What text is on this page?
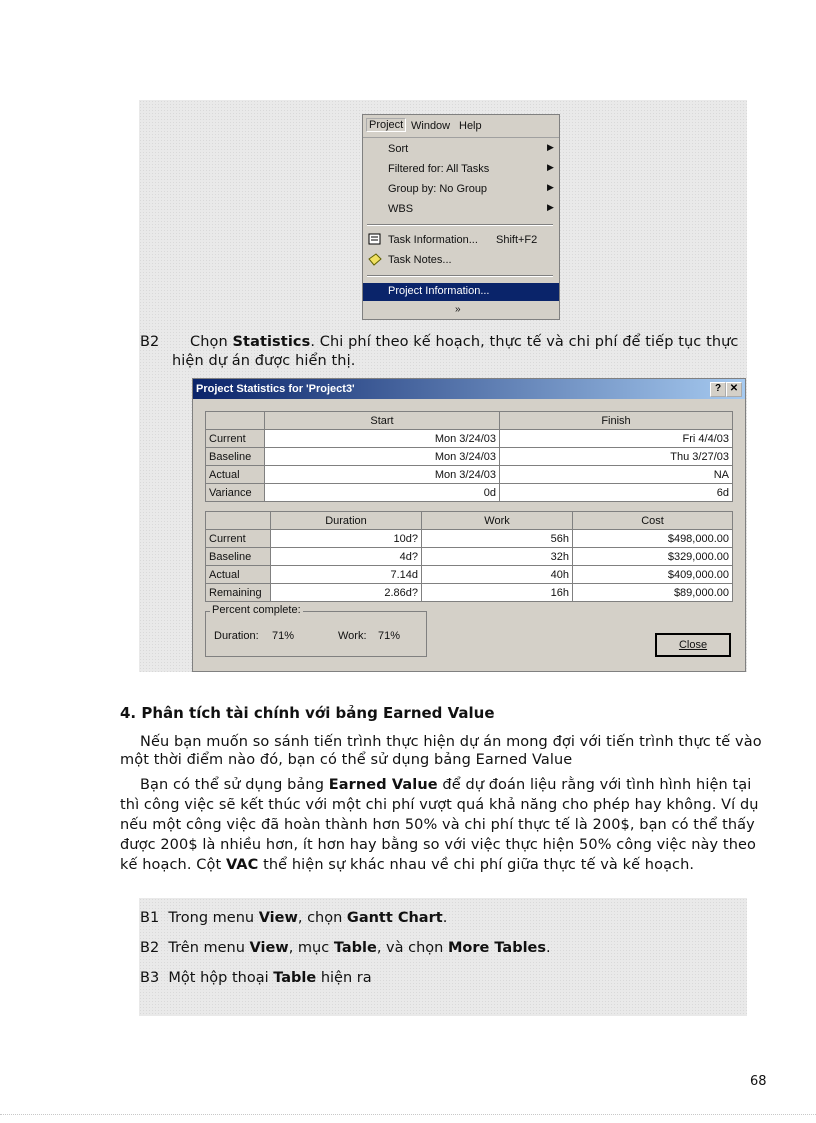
Project Window Help
Sort	▶
Filtered for: All Tasks	▶
Group by: No Group	▶
WBS	▶
Task Information... Shift+F2
Task Notes...
Project Information...
»
B2 Chọn Statistics. Chi phí theo kế hoạch, thực tế và chi phí để tiếp tục thực
hiện dự án được hiển thị.
Project Statistics for 'Project3'	? ✕
	Start	Finish
Current	Mon 3/24/03	Fri 4/4/03
Baseline	Mon 3/24/03	Thu 3/27/03
Actual	Mon 3/24/03	NA
Variance	0d	6d
	Duration	Work	Cost
Current	10d?	56h	$498,000.00
Baseline	4d?	32h	$329,000.00
Actual	7.14d	40h	$409,000.00
Remaining	2.86d?	16h	$89,000.00
Percent complete:
Duration: 71%	Work: 71%
Close
4. Phân tích tài chính với bảng Earned Value
Nếu bạn muốn so sánh tiến trình thực hiện dự án mong đợi với tiến trình thực tế vào
một thời điểm nào đó, bạn có thể sử dụng bảng Earned Value
Bạn có thể sử dụng bảng Earned Value để dự đoán liệu rằng với tình hình hiện tại
thì công việc sẽ kết thúc với một chi phí vượt quá khả năng cho phép hay không. Ví dụ
nếu một công việc đã hoàn thành hơn 50% và chi phí thực tế là 200$, bạn có thể thấy
được 200$ là nhiều hơn, ít hơn hay bằng so với việc thực hiện 50% công việc này theo
kế hoạch. Cột VAC thể hiện sự khác nhau về chi phí giữa thực tế và kế hoạch.
B1 Trong menu View, chọn Gantt Chart.
B2 Trên menu View, mục Table, và chọn More Tables.
B3 Một hộp thoại Table hiện ra
68
